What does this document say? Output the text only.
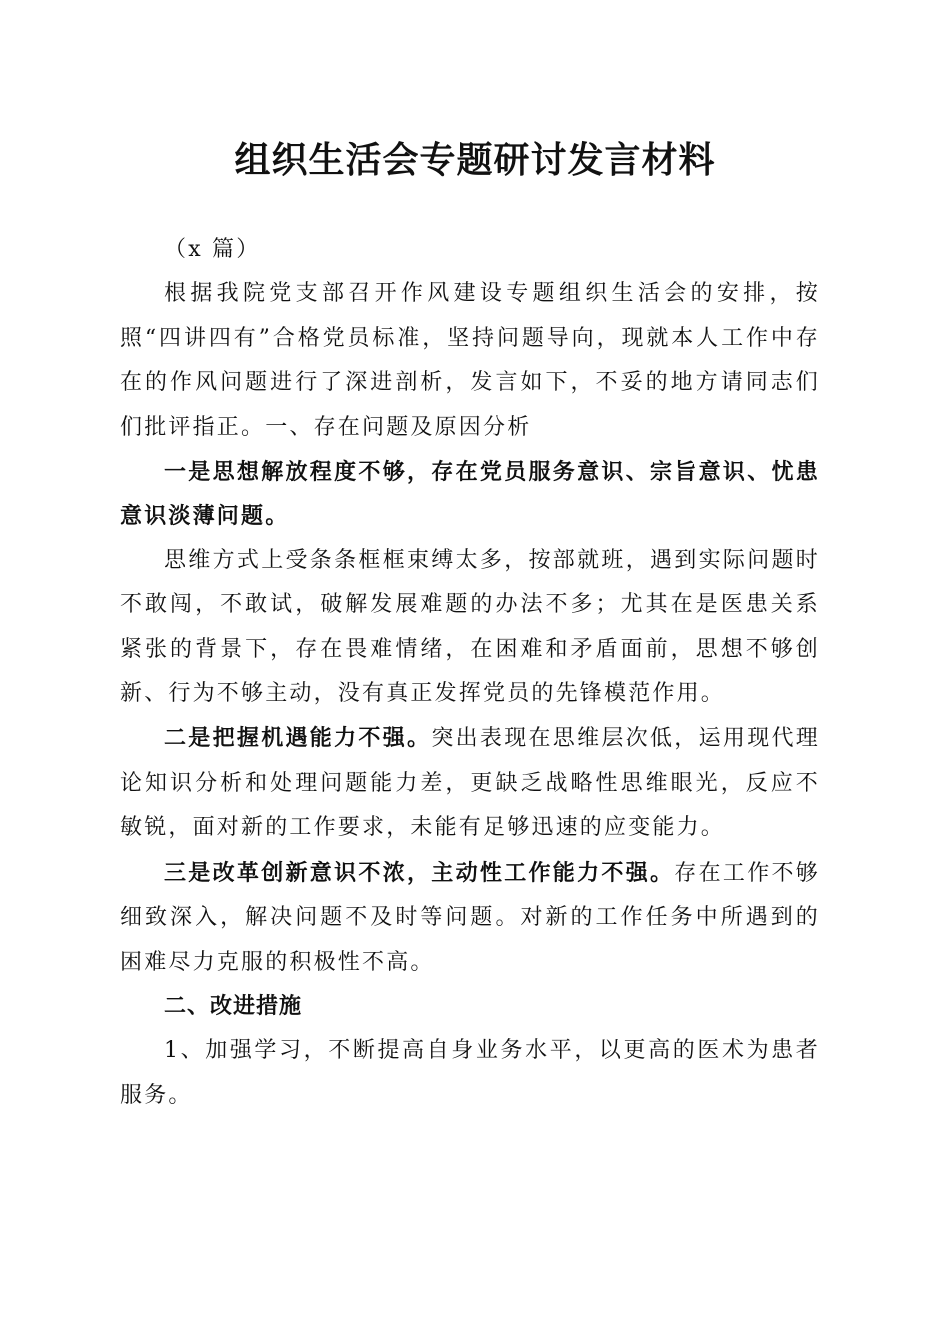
组织生活会专题研讨发言材料

（x 篇）

根据我院党支部召开作风建设专题组织生活会的安排，按照“四讲四有”合格党员标准，坚持问题导向，现就本人工作中存在的作风问题进行了深进剖析，发言如下，不妥的地方请同志们们批评指正。一、存在问题及原因分析

一是思想解放程度不够，存在党员服务意识、宗旨意识、忧患意识淡薄问题。

思维方式上受条条框框束缚太多，按部就班，遇到实际问题时不敢闯，不敢试，破解发展难题的办法不多；尤其在是医患关系紧张的背景下，存在畏难情绪，在困难和矛盾面前，思想不够创新、行为不够主动，没有真正发挥党员的先锋模范作用。

二是把握机遇能力不强。突出表现在思维层次低，运用现代理论知识分析和处理问题能力差，更缺乏战略性思维眼光，反应不敏锐，面对新的工作要求，未能有足够迅速的应变能力。

三是改革创新意识不浓，主动性工作能力不强。存在工作不够细致深入，解决问题不及时等问题。对新的工作任务中所遇到的困难尽力克服的积极性不高。

二、改进措施

1、加强学习，不断提高自身业务水平，以更高的医术为患者服务。
